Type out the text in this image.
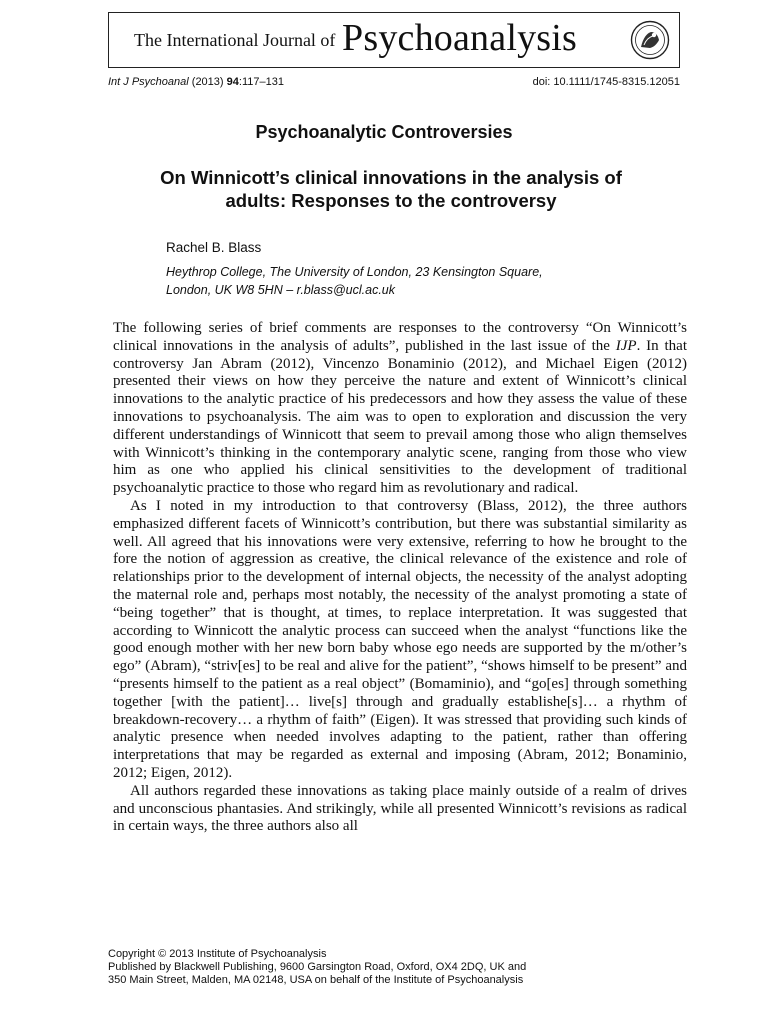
The International Journal of Psychoanalysis
Int J Psychoanal (2013) 94:117–131	doi: 10.1111/1745-8315.12051
Psychoanalytic Controversies
On Winnicott’s clinical innovations in the analysis of
adults: Responses to the controversy
Rachel B. Blass
Heythrop College, The University of London, 23 Kensington Square,
London, UK W8 5HN – r.blass@ucl.ac.uk

The following series of brief comments are responses to the controversy “On Winnicott’s clinical innovations in the analysis of adults”, published in the last issue of the IJP. In that controversy Jan Abram (2012), Vincenzo Bonaminio (2012), and Michael Eigen (2012) presented their views on how they perceive the nature and extent of Winnicott’s clinical innovations to the analytic practice of his predecessors and how they assess the value of these innovations to psychoanalysis. The aim was to open to exploration and discussion the very different understandings of Winnicott that seem to prevail among those who align themselves with Winnicott’s thinking in the contemporary analytic scene, ranging from those who view him as one who applied his clinical sensitivities to the development of traditional psychoanalytic practice to those who regard him as revolutionary and radical.

As I noted in my introduction to that controversy (Blass, 2012), the three authors emphasized different facets of Winnicott’s contribution, but there was substantial similarity as well. All agreed that his innovations were very extensive, referring to how he brought to the fore the notion of aggression as creative, the clinical relevance of the existence and role of relationships prior to the development of internal objects, the necessity of the analyst adopting the maternal role and, perhaps most notably, the necessity of the analyst promoting a state of “being together” that is thought, at times, to replace interpretation. It was suggested that according to Winnicott the analytic process can succeed when the analyst “functions like the good enough mother with her new born baby whose ego needs are supported by the m/other’s ego” (Abram), “striv[es] to be real and alive for the patient”, “shows himself to be present” and “presents himself to the patient as a real object” (Bomaminio), and “go[es] through something together [with the patient]… live[s] through and gradually establishe[s]… a rhythm of breakdown-recovery… a rhythm of faith” (Eigen). It was stressed that providing such kinds of analytic presence when needed involves adapting to the patient, rather than offering interpretations that may be regarded as external and imposing (Abram, 2012; Bonaminio, 2012; Eigen, 2012).

All authors regarded these innovations as taking place mainly outside of a realm of drives and unconscious phantasies. And strikingly, while all presented Winnicott’s revisions as radical in certain ways, the three authors also all

Copyright © 2013 Institute of Psychoanalysis
Published by Blackwell Publishing, 9600 Garsington Road, Oxford, OX4 2DQ, UK and
350 Main Street, Malden, MA 02148, USA on behalf of the Institute of Psychoanalysis
